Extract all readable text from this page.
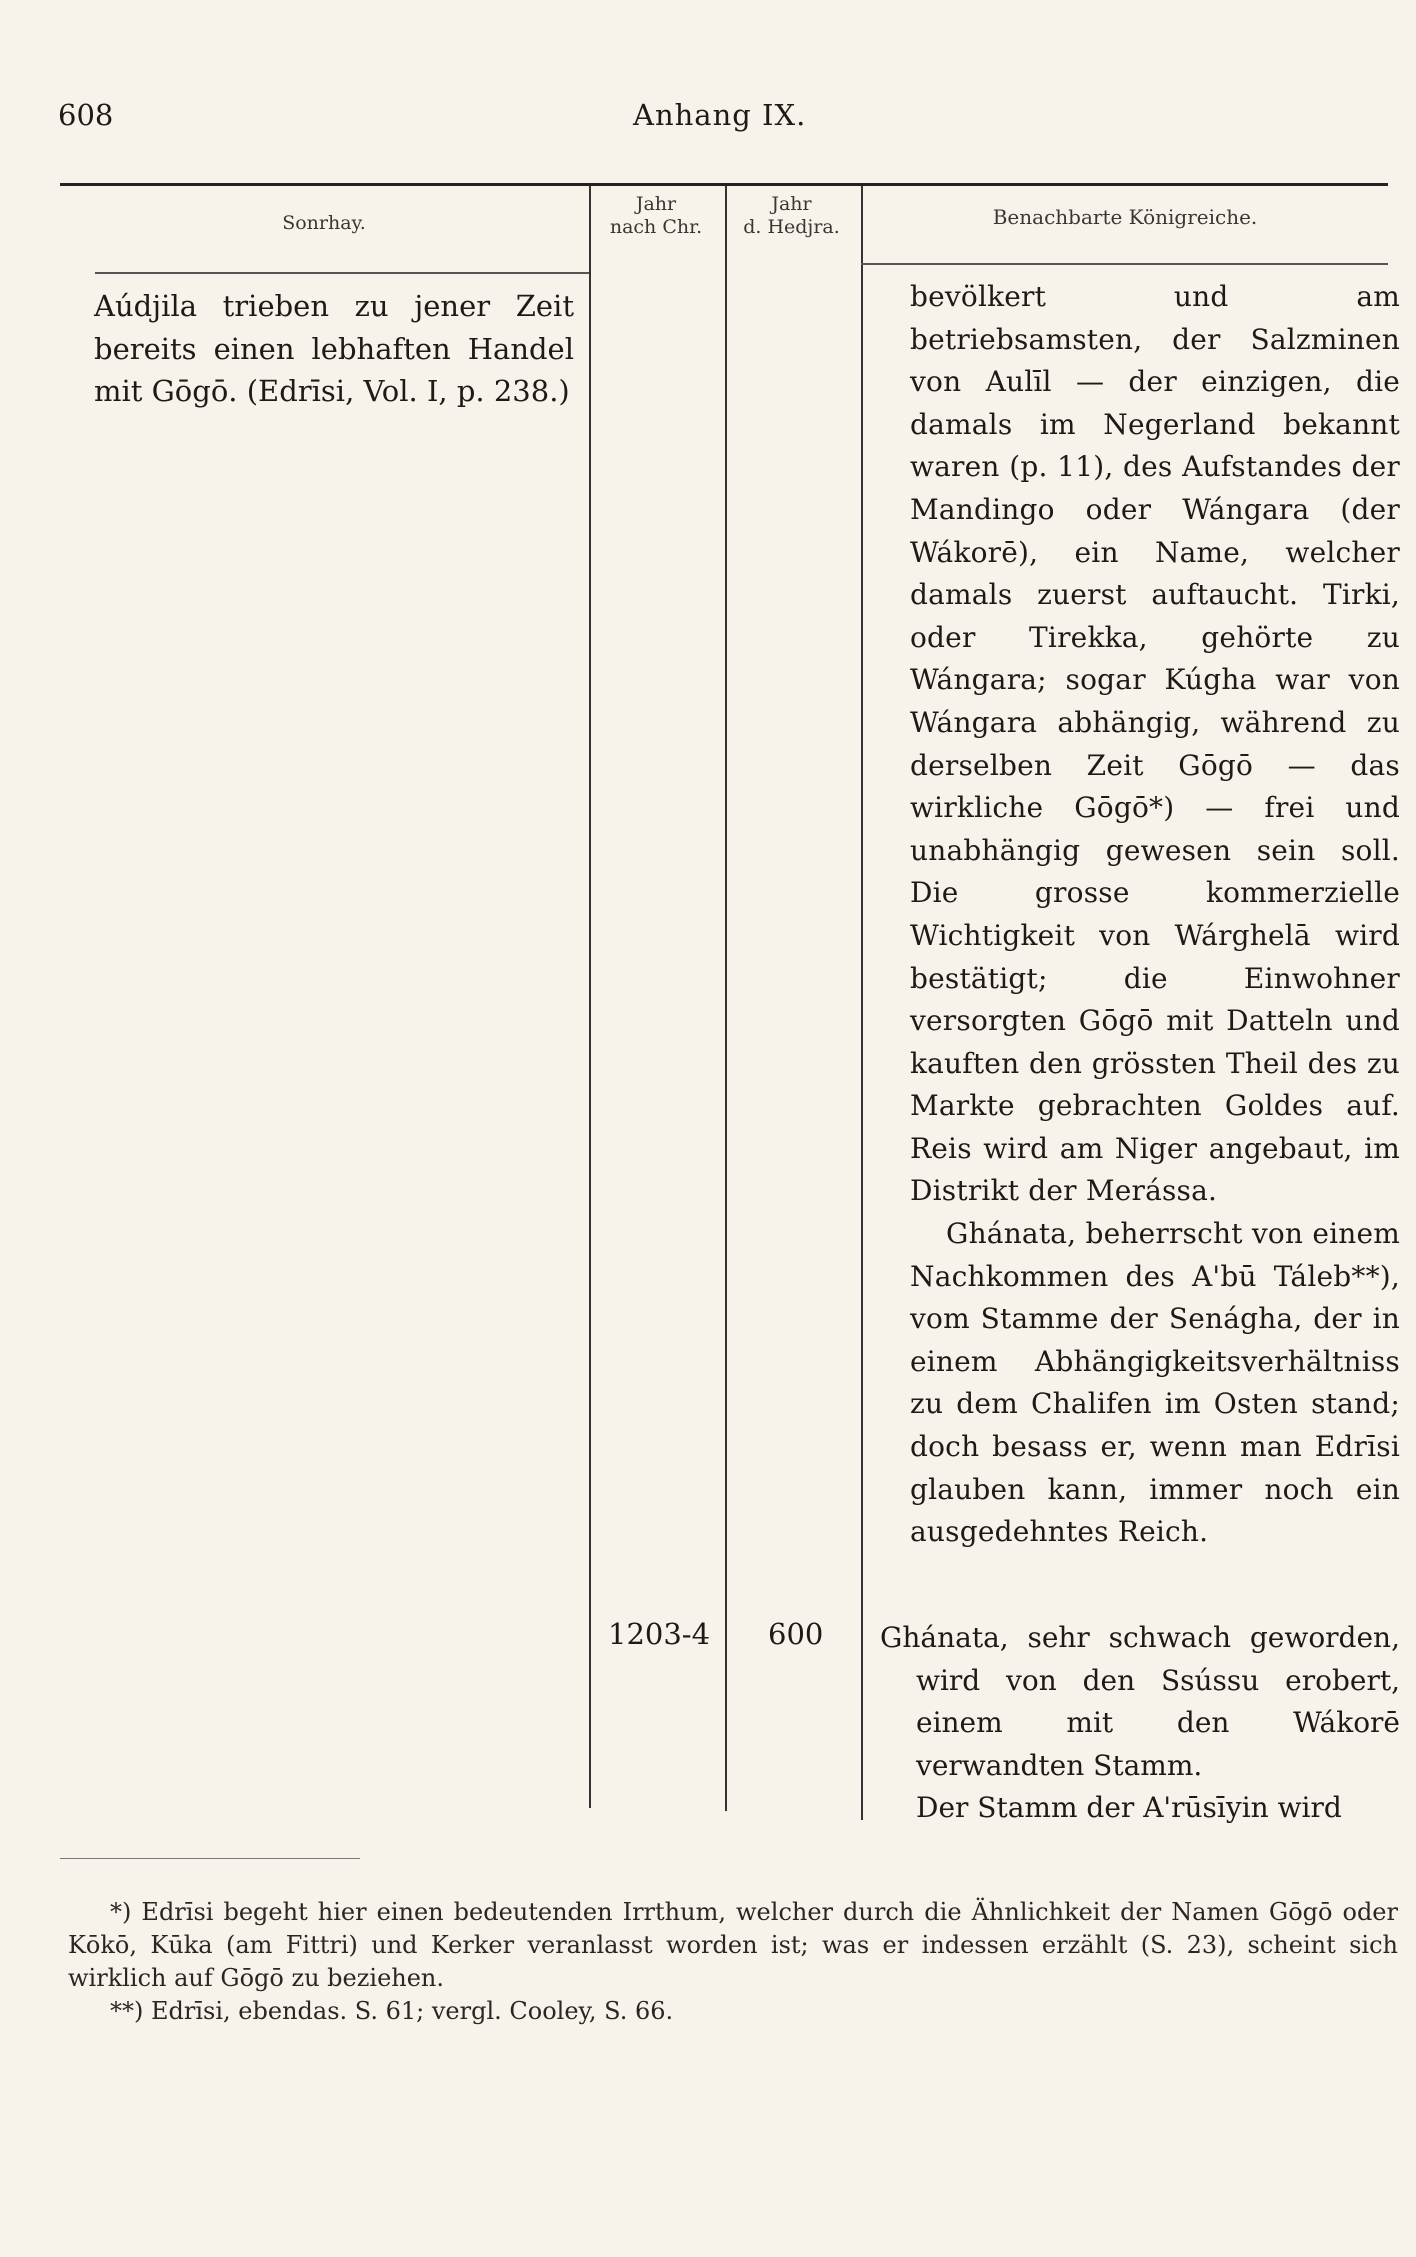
608	Anhang IX.
Sonrhay.
Jahr
nach Chr.
Jahr
d. Hedjra.	Benachbarte Königreiche.

Aúdjila trieben zu jener Zeit bereits einen lebhaften Handel mit Gōgō. (Edrīsi, Vol. I, p. 238.)

bevölkert und am betriebsamsten, der Salzminen von Aulīl — der einzigen, die damals im Negerland bekannt waren (p. 11), des Aufstandes der Mandingo oder Wángara (der Wákorē), ein Name, welcher damals zuerst auftaucht. Tirki, oder Tirekka, gehörte zu Wángara; sogar Kúgha war von Wángara abhängig, während zu derselben Zeit Gōgō — das wirkliche Gōgō*) — frei und unabhängig gewesen sein soll. Die grosse kommerzielle Wichtigkeit von Wárghelā wird bestätigt; die Einwohner versorgten Gōgō mit Datteln und kauften den grössten Theil des zu Markte gebrachten Goldes auf. Reis wird am Niger angebaut, im Distrikt der Merássa.

Ghánata, beherrscht von einem Nachkommen des A'bū Táleb**), vom Stamme der Senágha, der in einem Abhängigkeitsverhältniss zu dem Chalifen im Osten stand; doch besass er, wenn man Edrīsi glauben kann, immer noch ein ausgedehntes Reich.

1203-4 600 Ghánata, sehr schwach geworden, wird von den Ssússu erobert, einem mit den Wákorē verwandten Stamm.

Der Stamm der A'rūsīyin wird

*) Edrīsi begeht hier einen bedeutenden Irrthum, welcher durch die Ähnlichkeit der Namen Gōgō oder Kōkō, Kūka (am Fittri) und Kerker veranlasst worden ist; was er indessen erzählt (S. 23), scheint sich wirklich auf Gōgō zu beziehen.

**) Edrīsi, ebendas. S. 61; vergl. Cooley, S. 66.
